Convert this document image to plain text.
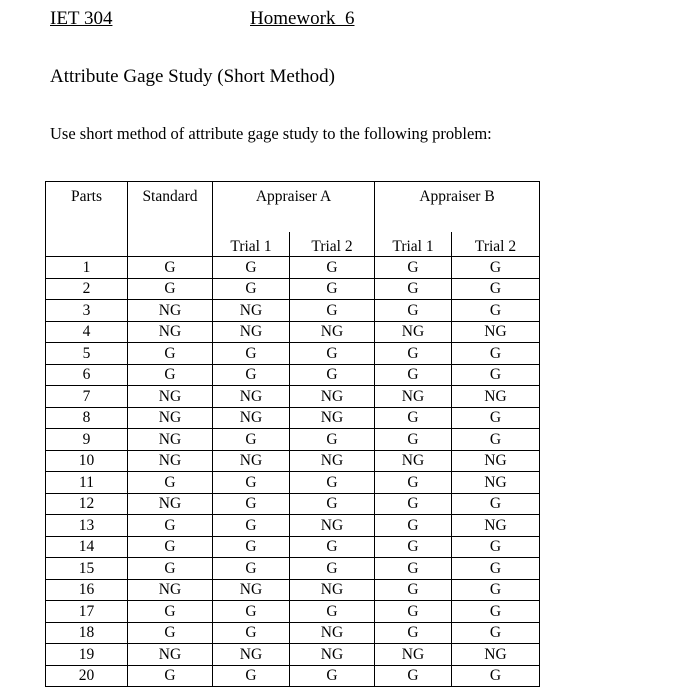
IET 304	Homework  6
Attribute Gage Study (Short Method)
Use short method of attribute gage study to the following problem:
Parts	Standard	Appraiser A		Appraiser B	
		Trial 1	Trial 2	Trial 1	Trial 2
1	G	G	G	G	G
2	G	G	G	G	G
3	NG	NG	G	G	G
4	NG	NG	NG	NG	NG
5	G	G	G	G	G
6	G	G	G	G	G
7	NG	NG	NG	NG	NG
8	NG	NG	NG	G	G
9	NG	G	G	G	G
10	NG	NG	NG	NG	NG
11	G	G	G	G	NG
12	NG	G	G	G	G
13	G	G	NG	G	NG
14	G	G	G	G	G
15	G	G	G	G	G
16	NG	NG	NG	G	G
17	G	G	G	G	G
18	G	G	NG	G	G
19	NG	NG	NG	NG	NG
20	G	G	G	G	G
